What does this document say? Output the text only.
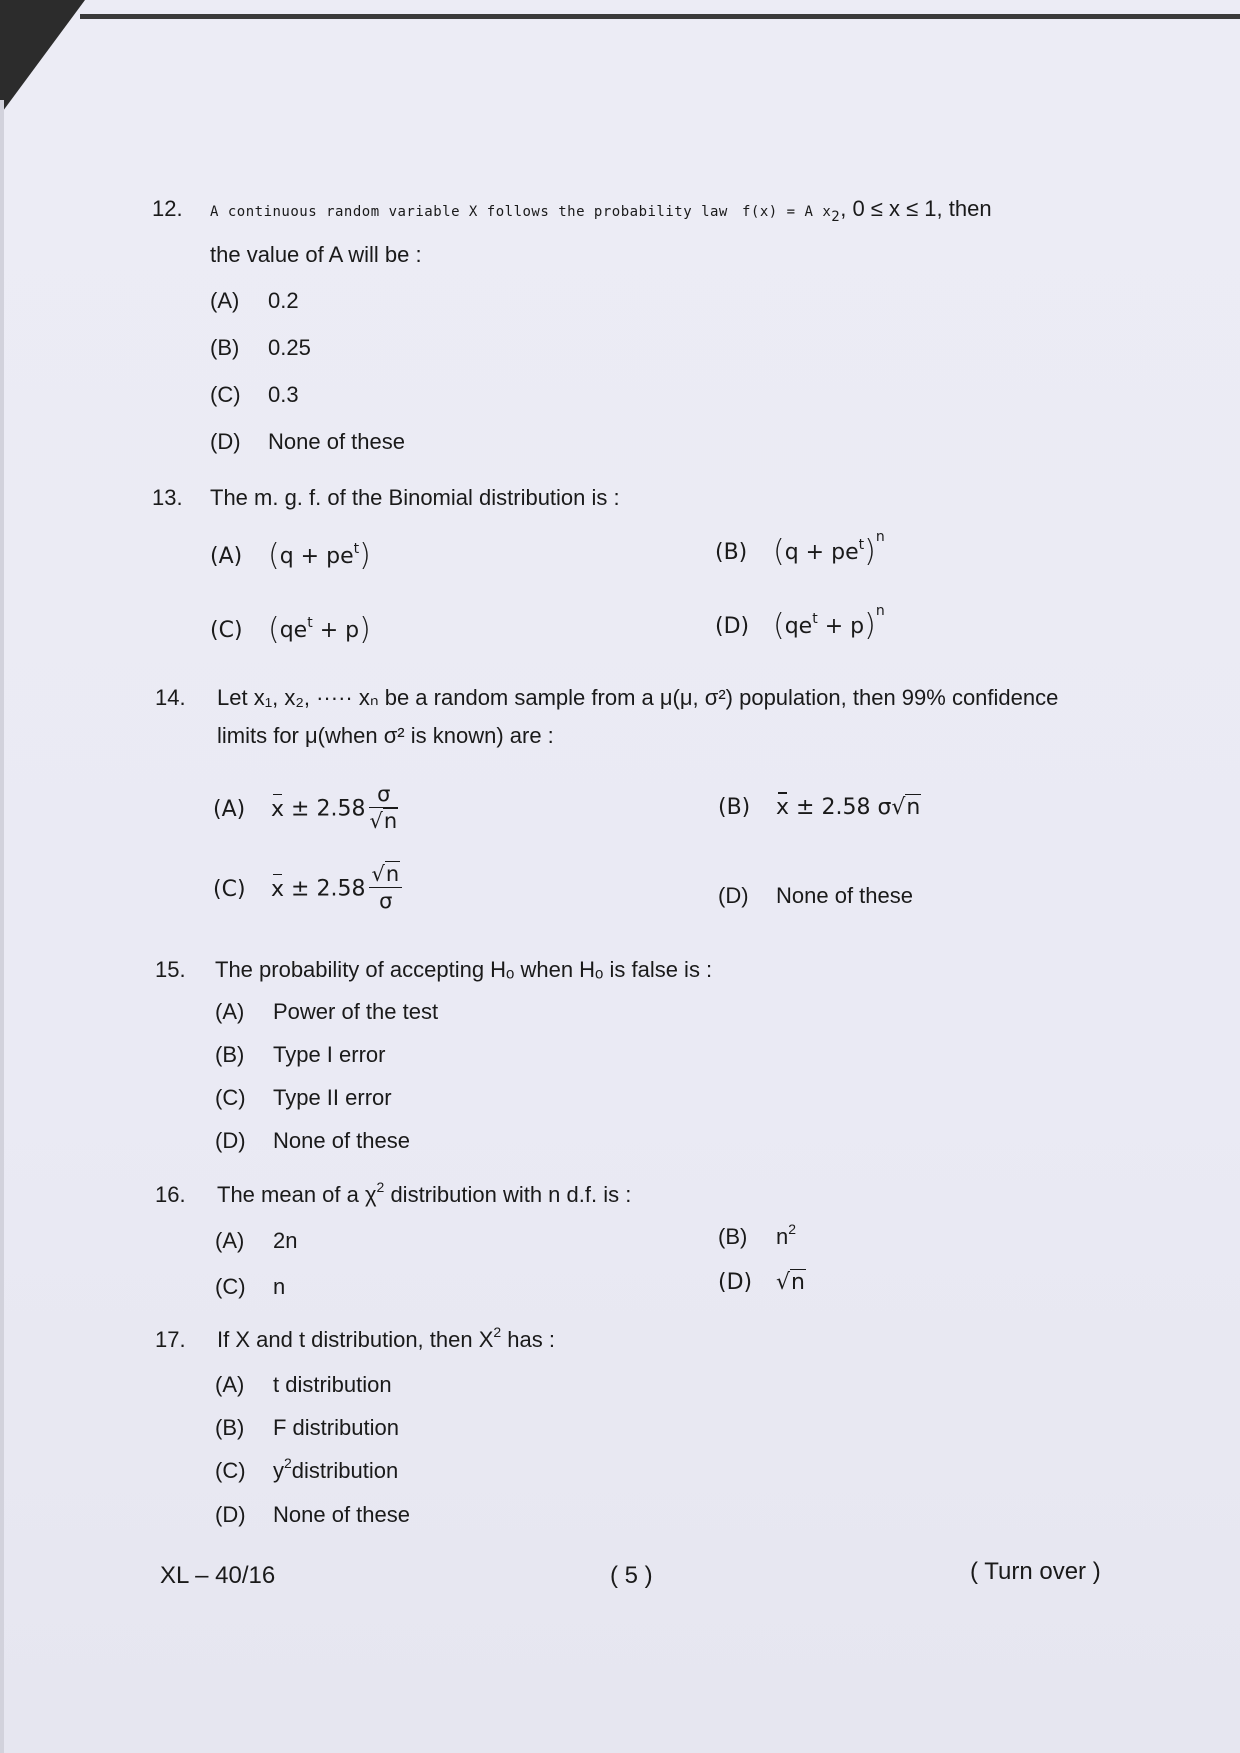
12. A continuous random variable X follows the probability law f(x) = A $x_2$, 0 ≤ x ≤ 1, then
the value of A will be :
(A) 0.2
(B) 0.25
(C) 0.3
(D) None of these
13. The m. g. f. of the Binomial distribution is :
(A) $(q + pe^t)$	(B) $(q + pe^t)^n$
(C) $(qe^t + p)$	(D) $(qe^t + p)^n$
14. Let x₁, x₂, ····· xₙ be a random sample from a μ(μ, σ²) population, then 99% confidence
limits for μ(when σ² is known) are :
(A) $x \pm 2.58 \frac{\sigma}{√n}$	(B) x ± 2.58 σ√n
(C) $x \pm 2.58 \frac{√n}{\sigma}$	(D) None of these
15. The probability of accepting Hₒ when Hₒ is false is :
(A) Power of the test
(B) Type I error
(C) Type II error
(D) None of these
16. The mean of a $\chi^2$ distribution with n d.f. is :
(A) 2n	(B) $n^2$
(C) n	(D) √n
17. If X and t distribution, then $X^2$ has :
(A) t distribution
(B) F distribution
(C) $y^2distribution$
(D) None of these
XL – 40/16	( 5 )	( Turn over )
